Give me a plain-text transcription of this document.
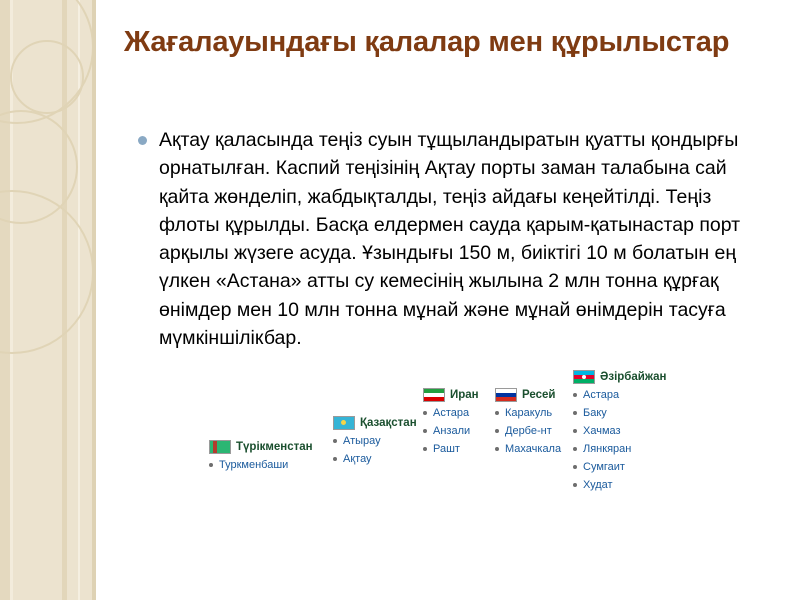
Жағалауындағы қалалар мен құрылыстар
Ақтау қаласында теңіз суын тұщыландыратын қуатты қондырғы орнатылған. Каспий теңізінің Ақтау порты заман талабына сай қайта жөнделіп, жабдықталды, теңіз айдағы кеңейтілді. Теңіз флоты құрылды. Басқа елдермен сауда қарым-қатынастар порт арқылы жүзеге асуда. Ұзындығы 150 м, биіктігі 10 м болатын ең үлкен «Астана» атты су кемесінің жылына 2 млн тонна құрғақ өнімдер мен 10 млн тонна мұнай және мұнай өнімдерін тасуға мүмкіншілікбар.
Түрікменстан
Туркменбаши
Қазақстан
Атырау
Ақтау
Иран
Астара
Анзали
Рашт
Ресей
Каракуль
Дербе-нт
Махачкала
Әзірбайжан
Астара
Баку
Хачмаз
Лянкяран
Сумгаит
Худат
